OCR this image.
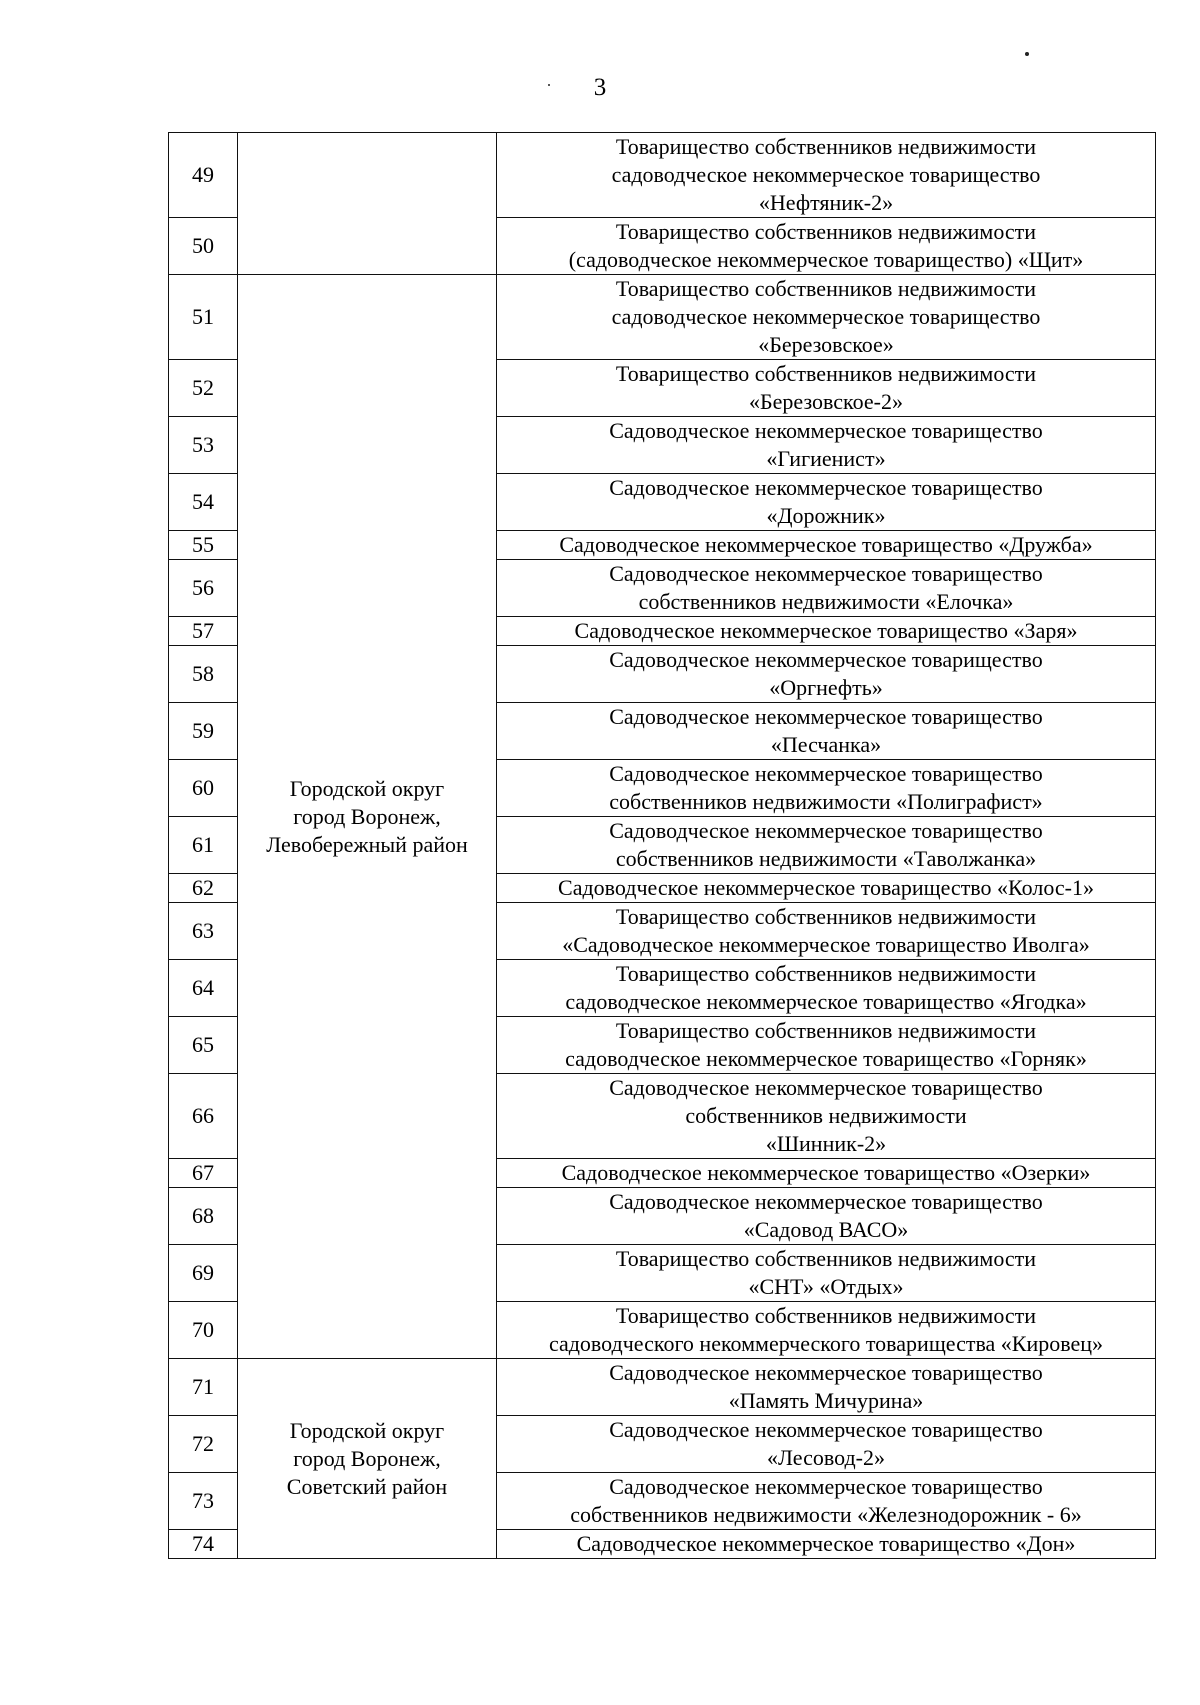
3
49		Товарищество собственников недвижимости
садоводческое некоммерческое товарищество
«Нефтяник-2»
50		Товарищество собственников недвижимости
(садоводческое некоммерческое товарищество) «Щит»
51	Городской округ
город Воронеж,
Левобережный район	Товарищество собственников недвижимости
садоводческое некоммерческое товарищество
«Березовское»
52		Товарищество собственников недвижимости
«Березовское-2»
53		Садоводческое некоммерческое товарищество
«Гигиенист»
54		Садоводческое некоммерческое товарищество
«Дорожник»
55		Садоводческое некоммерческое товарищество «Дружба»
56		Садоводческое некоммерческое товарищество
собственников недвижимости «Елочка»
57		Садоводческое некоммерческое товарищество «Заря»
58		Садоводческое некоммерческое товарищество
«Оргнефть»
59		Садоводческое некоммерческое товарищество
«Песчанка»
60		Садоводческое некоммерческое товарищество
собственников недвижимости «Полиграфист»
61		Садоводческое некоммерческое товарищество
собственников недвижимости «Таволжанка»
62		Садоводческое некоммерческое товарищество «Колос-1»
63		Товарищество собственников недвижимости
«Садоводческое некоммерческое товарищество Иволга»
64		Товарищество собственников недвижимости
садоводческое некоммерческое товарищество «Ягодка»
65		Товарищество собственников недвижимости
садоводческое некоммерческое товарищество «Горняк»
66		Садоводческое некоммерческое товарищество
собственников недвижимости
«Шинник-2»
67		Садоводческое некоммерческое товарищество «Озерки»
68		Садоводческое некоммерческое товарищество
«Садовод ВАСО»
69		Товарищество собственников недвижимости
«СНТ» «Отдых»
70		Товарищество собственников недвижимости
садоводческого некоммерческого товарищества «Кировец»
71	Городской округ
город Воронеж,
Советский район	Садоводческое некоммерческое товарищество
«Память Мичурина»
72		Садоводческое некоммерческое товарищество
«Лесовод-2»
73		Садоводческое некоммерческое товарищество
собственников недвижимости «Железнодорожник - 6»
74		Садоводческое некоммерческое товарищество «Дон»
